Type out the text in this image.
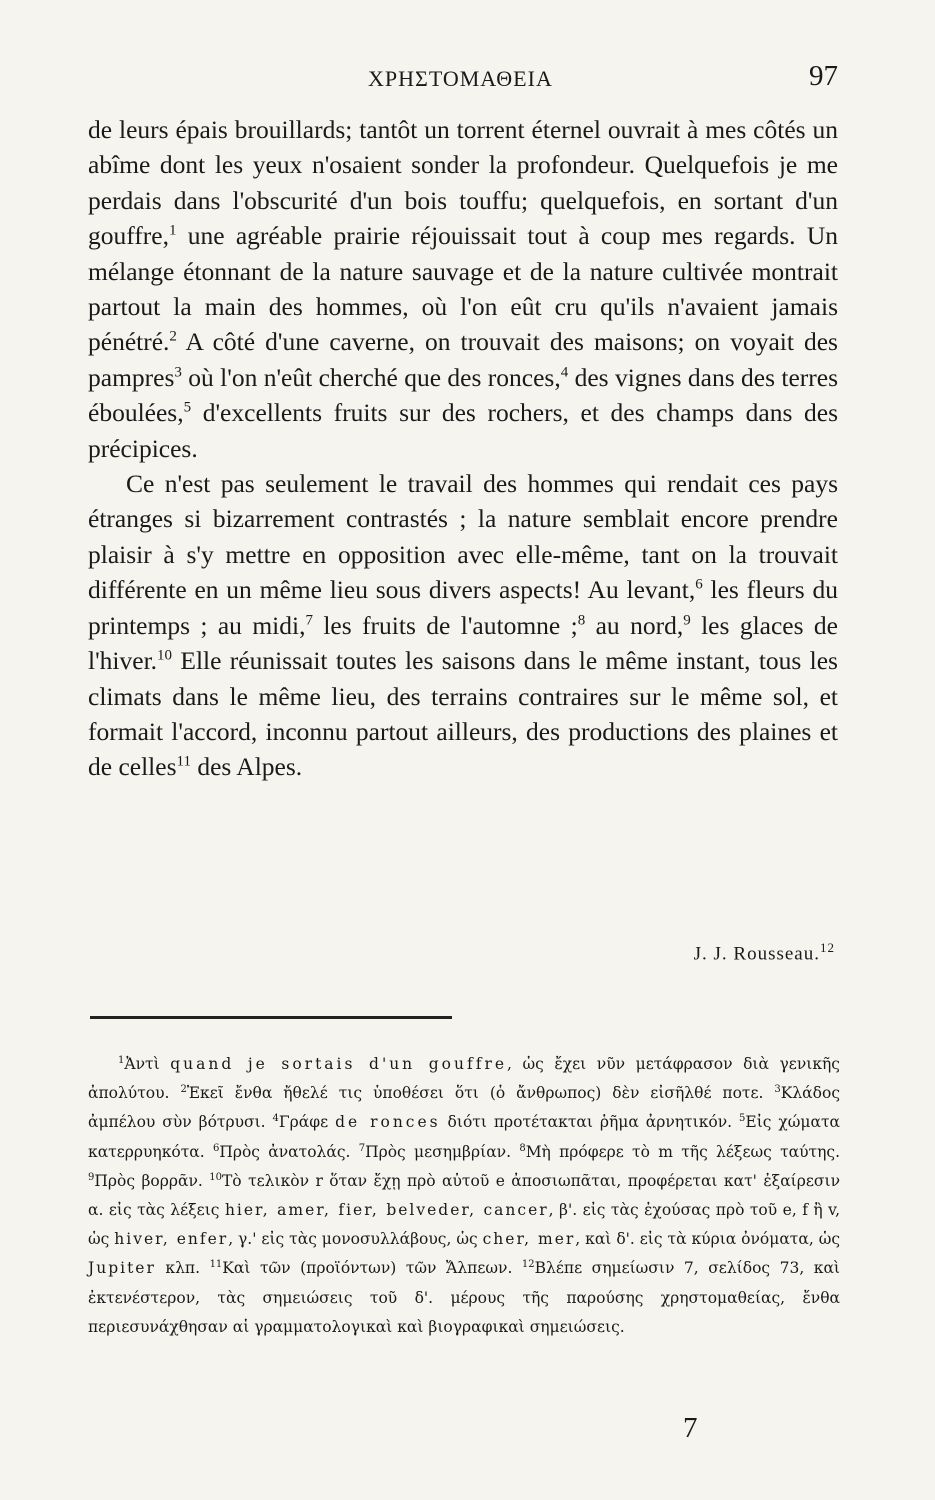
ΧΡΗΣΤΟΜΑΘΕΙΑ	97

de leurs épais brouillards; tantôt un torrent éternel ouvrait à mes côtés un abîme dont les yeux n'osaient sonder la profondeur. Quelquefois je me perdais dans l'obscurité d'un bois touffu; quelquefois, en sortant d'un gouffre,$^1$ une agréable prairie réjouissait tout à coup mes regards. Un mélange étonnant de la nature sauvage et de la nature cultivée montrait partout la main des hommes, où l'on eût cru qu'ils n'avaient jamais pénétré.$^2$ A côté d'une caverne, on trouvait des maisons; on voyait des pampres$^3$ où l'on n'eût cherché que des ronces,$^4$ des vignes dans des terres éboulées,$^5$ d'excellents fruits sur des rochers, et des champs dans des précipices.

Ce n'est pas seulement le travail des hommes qui rendait ces pays étranges si bizarrement contrastés ; la nature semblait encore prendre plaisir à s'y mettre en opposition avec elle-même, tant on la trouvait différente en un même lieu sous divers aspects! Au levant,$^6$ les fleurs du printemps ; au midi,$^7$ les fruits de l'automne ;$^8$ au nord,$^9$ les glaces de l'hiver.$^{10}$ Elle réunissait toutes les saisons dans le même instant, tous les climats dans le même lieu, des terrains contraires sur le même sol, et formait l'accord, inconnu partout ailleurs, des productions des plaines et de celles$^{11}$ des Alpes.

J. J. Rousseau.$^{12}$

$^1$Ἀντὶ quand je sortais d'un gouffre, ὡς ἔχει νῦν μετάφρασον διὰ γενικῆς ἀπολύτου. $^2$Ἐκεῖ ἔνθα ἤθελέ τις ὑποθέσει ὅτι (ὁ ἄνθρωπος) δὲν εἰσῆλθέ ποτε. $^3$Κλάδος ἀμπέλου σὺν βότρυσι. $^4$Γράφε de ronces διότι προτέτακται ῥῆμα ἀρνητικόν. $^5$Εἰς χώματα κατερρυηκότα. $^6$Πρὸς ἀνατολάς. $^7$Πρὸς μεσημβρίαν. $^8$Μὴ πρόφερε τὸ m τῆς λέξεως ταύτης. $^9$Πρὸς βορρᾶν. $^{10}$Τὸ τελικὸν r ὅταν ἔχῃ πρὸ αὐτοῦ e ἀποσιωπᾶται, προφέρεται κατ' ἐξαίρεσιν α. εἰς τὰς λέξεις hier, amer, fier, belveder, cancer, β'. εἰς τὰς ἐχούσας πρὸ τοῦ e, f ἢ v, ὡς hiver, enfer, γ.' εἰς τὰς μονοσυλλάβους, ὡς cher, mer, καὶ δ'. εἰς τὰ κύρια ὀνόματα, ὡς Jupiter κλπ. $^{11}$Καὶ τῶν (προϊόντων) τῶν Ἄλπεων. $^{12}$Βλέπε σημείωσιν 7, σελίδος 73, καὶ ἐκτενέστερον, τὰς σημειώσεις τοῦ δ'. μέρους τῆς παρούσης χρηστομαθείας, ἔνθα περιεσυνάχθησαν αἱ γραμματολογικαὶ καὶ βιογραφικαὶ σημειώσεις.

7
